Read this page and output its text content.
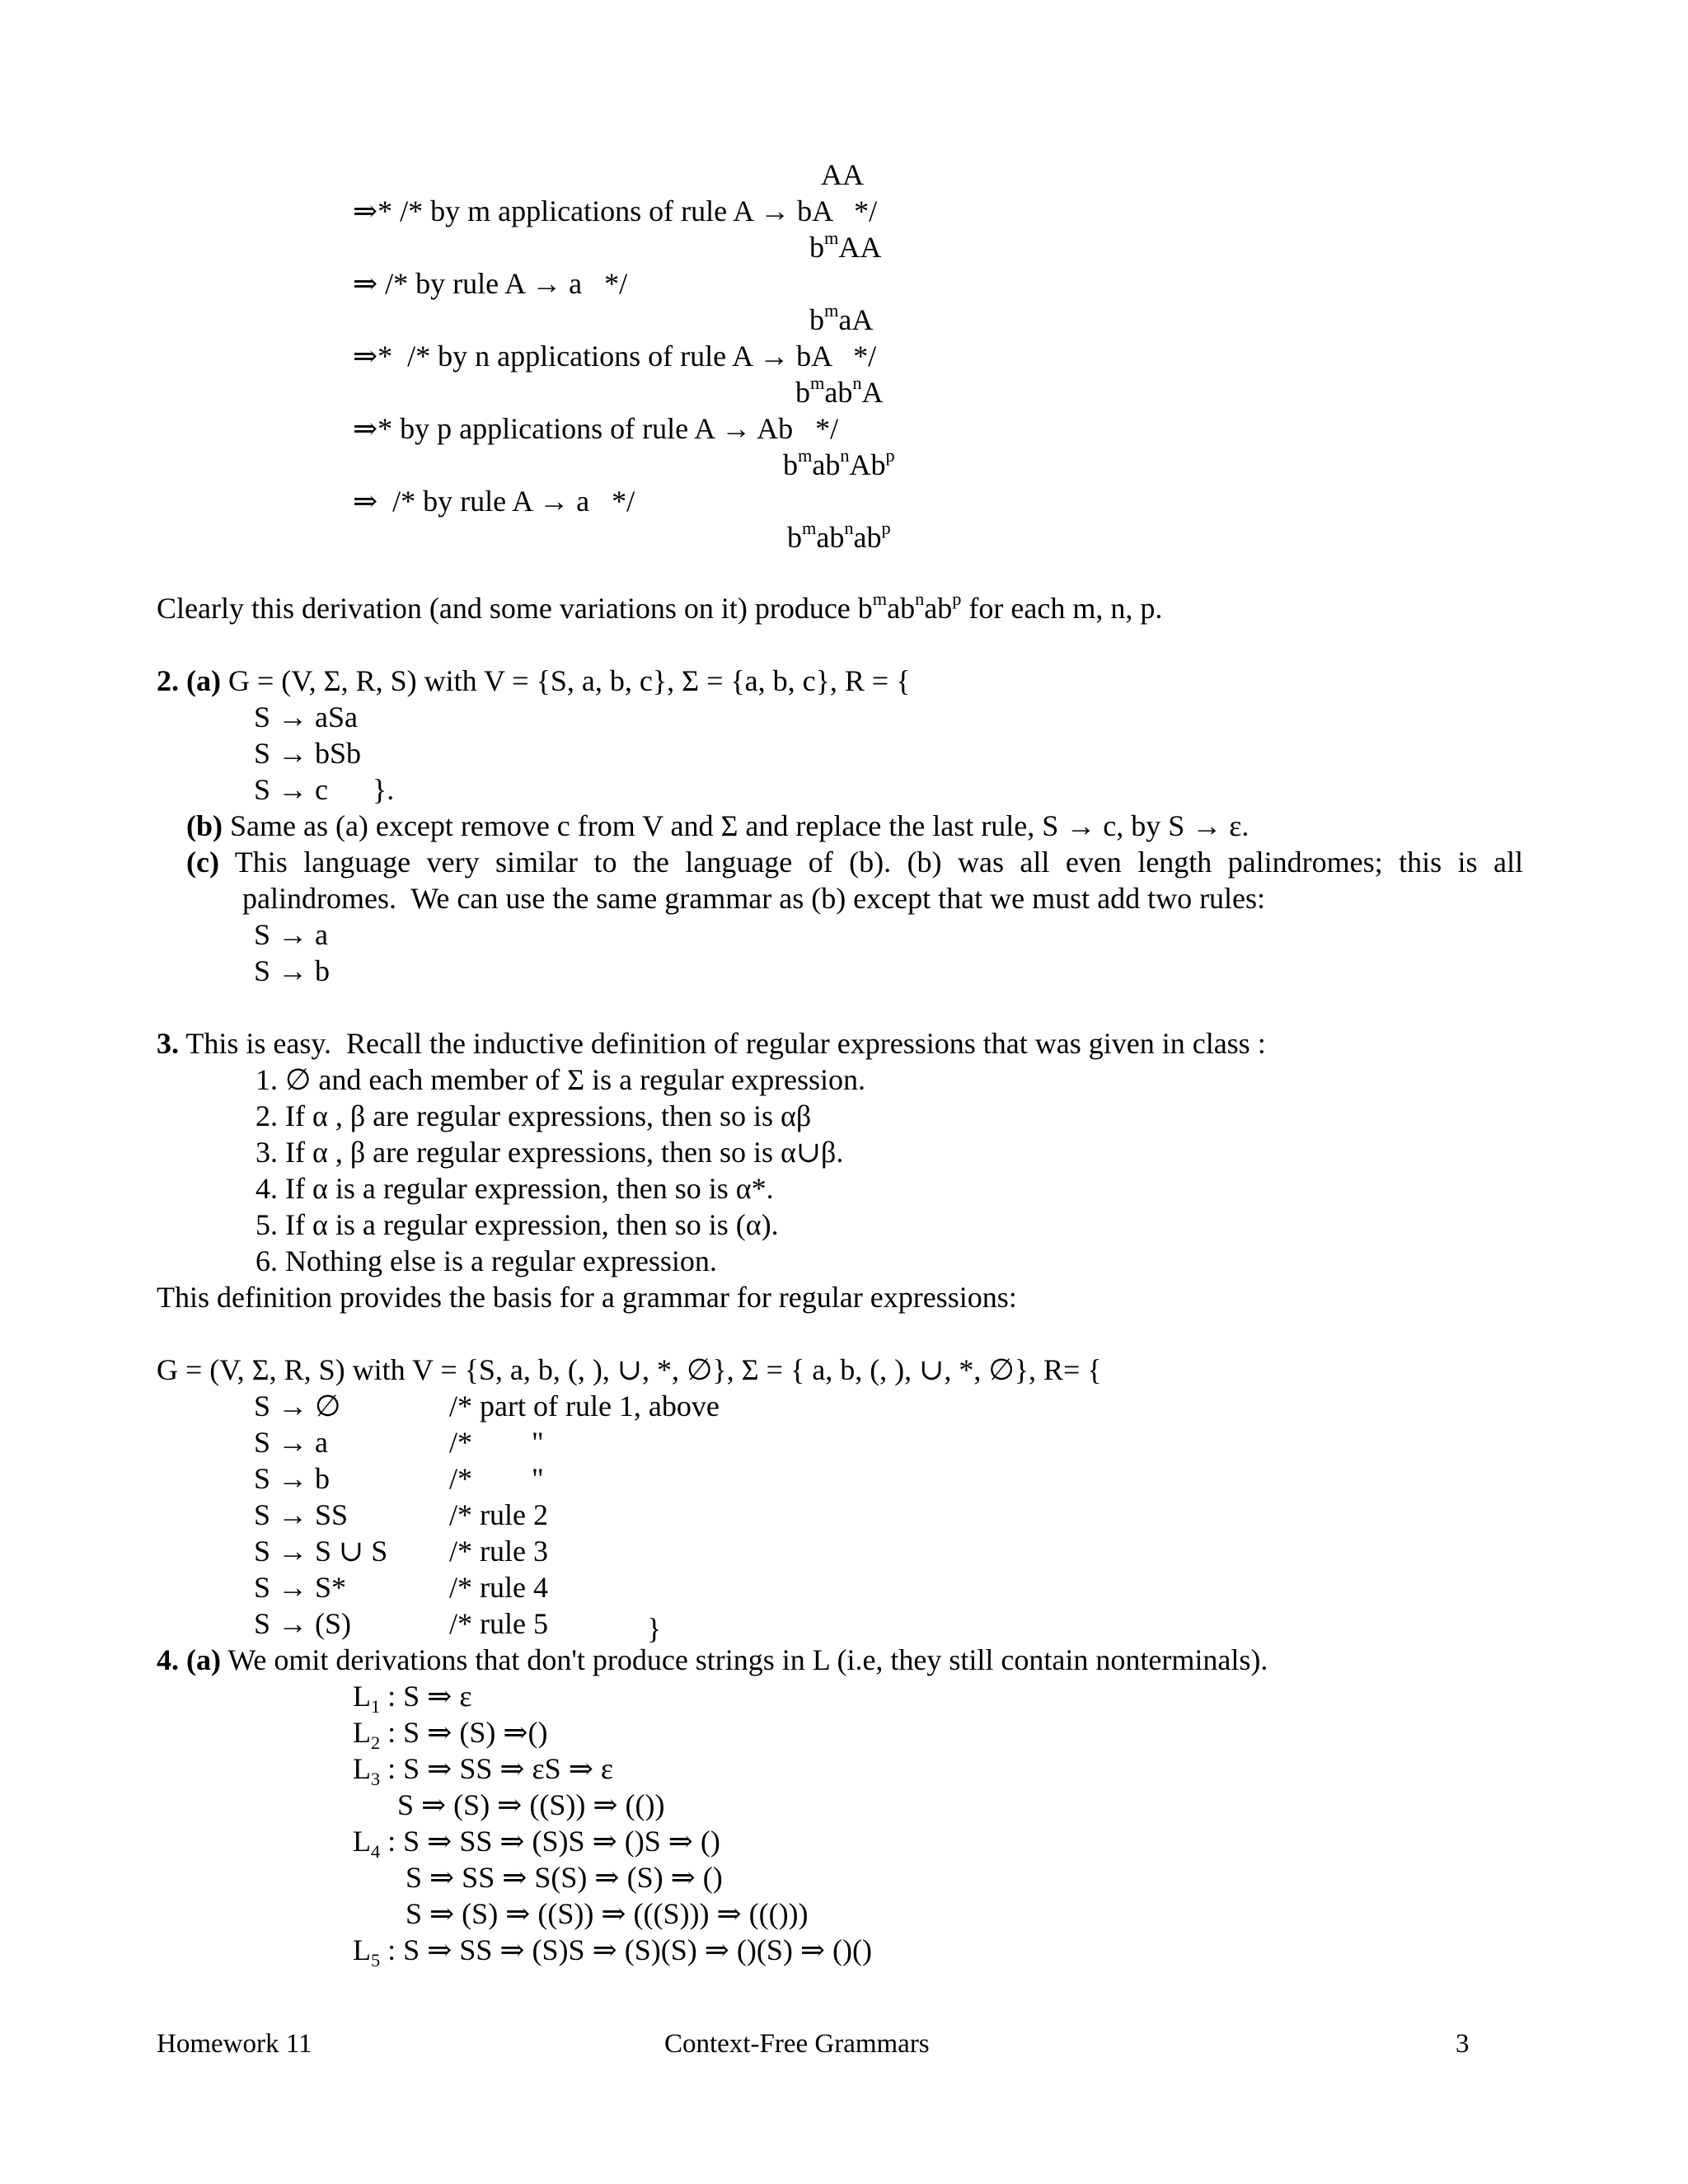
AA
⇒* /* by m applications of rule A → bA   */
$b^mAA$
⇒ /* by rule A → a   */
$b^maA$
⇒*  /* by n applications of rule A → bA   */
$b^mab^nA$
⇒* by p applications of rule A → Ab   */
$b^mab^nAb^p$
⇒  /* by rule A → a   */
$b^mab^nab^p$
Clearly this derivation (and some variations on it) produce $b^mab^nab^p$ for each m, n, p.
2. (a) G = (V, Σ, R, S) with V = {S, a, b, c}, Σ = {a, b, c}, R = {
S → aSa
S → bSb
S → c      }.
(b) Same as (a) except remove c from V and Σ and replace the last rule, S → c, by S → ε.
(c) This language very similar to the language of (b). (b) was all even length palindromes; this is all
palindromes.  We can use the same grammar as (b) except that we must add two rules:
S → a
S → b
3. This is easy.  Recall the inductive definition of regular expressions that was given in class :
1. ∅ and each member of Σ is a regular expression.
2. If α , β are regular expressions, then so is αβ
3. If α , β are regular expressions, then so is α∪β.
4. If α is a regular expression, then so is α*.
5. If α is a regular expression, then so is (α).
6. Nothing else is a regular expression.
This definition provides the basis for a grammar for regular expressions:
G = (V, Σ, R, S) with V = {S, a, b, (, ), ∪, *, ∅}, Σ = { a, b, (, ), ∪, *, ∅}, R= {
S → ∅	/* part of rule 1, above
S → a	/*        "
S → b	/*        "
S → SS	/* rule 2
S → S ∪ S /* rule 3
S → S*	/* rule 4
S → (S)	/* rule 5	}
4. (a) We omit derivations that don't produce strings in L (i.e, they still contain nonterminals).
$L_1$ : S ⇒ ε
$L_2$ : S ⇒ (S) ⇒()
$L_3$ : S ⇒ SS ⇒ εS ⇒ ε
S ⇒ (S) ⇒ ((S)) ⇒ (())
$L_4$ : S ⇒ SS ⇒ (S)S ⇒ ()S ⇒ ()
S ⇒ SS ⇒ S(S) ⇒ (S) ⇒ ()
S ⇒ (S) ⇒ ((S)) ⇒ (((S))) ⇒ ((()))
$L_5$ : S ⇒ SS ⇒ (S)S ⇒ (S)(S) ⇒ ()(S) ⇒ ()()
Homework 11	Context-Free Grammars	3
